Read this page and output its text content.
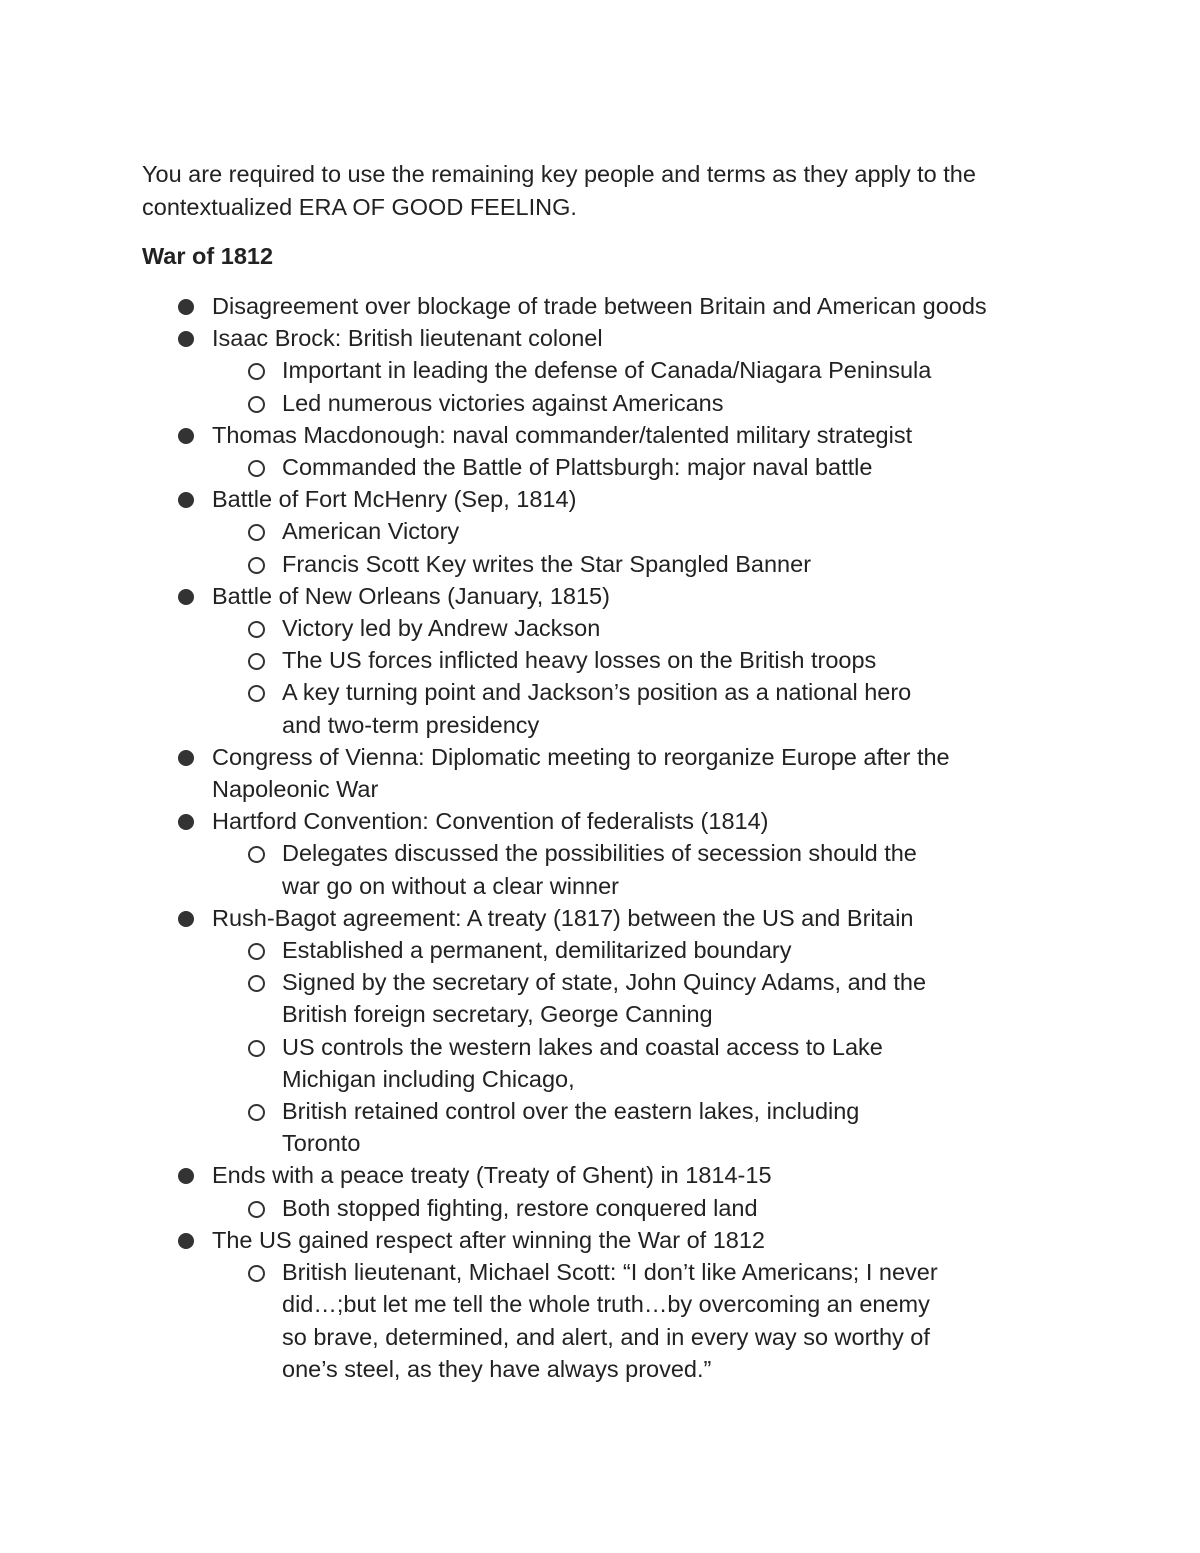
You are required to use the remaining key people and terms as they apply to the contextualized ERA OF GOOD FEELING.

War of 1812
Disagreement over blockage of trade between Britain and American goods
Isaac Brock: British lieutenant colonel
Important in leading the defense of Canada/Niagara Peninsula
Led numerous victories against Americans
Thomas Macdonough: naval commander/talented military strategist
Commanded the Battle of Plattsburgh: major naval battle
Battle of Fort McHenry (Sep, 1814)
American Victory
Francis Scott Key writes the Star Spangled Banner
Battle of New Orleans (January, 1815)
Victory led by Andrew Jackson
The US forces inflicted heavy losses on the British troops
A key turning point and Jackson’s position as a national hero and two-term presidency
Congress of Vienna: Diplomatic meeting to reorganize Europe after the Napoleonic War
Hartford Convention: Convention of federalists (1814)
Delegates discussed the possibilities of secession should the war go on without a clear winner
Rush-Bagot agreement: A treaty (1817) between the US and Britain
Established a permanent, demilitarized boundary
Signed by the secretary of state, John Quincy Adams, and the British foreign secretary, George Canning
US controls the western lakes and coastal access to Lake Michigan including Chicago,
British retained control over the eastern lakes, including Toronto
Ends with a peace treaty (Treaty of Ghent) in 1814-15
Both stopped fighting, restore conquered land
The US gained respect after winning the War of 1812
British lieutenant, Michael Scott: “I don’t like Americans; I never did…;but let me tell the whole truth…by overcoming an enemy so brave, determined, and alert, and in every way so worthy of one’s steel, as they have always proved.”
